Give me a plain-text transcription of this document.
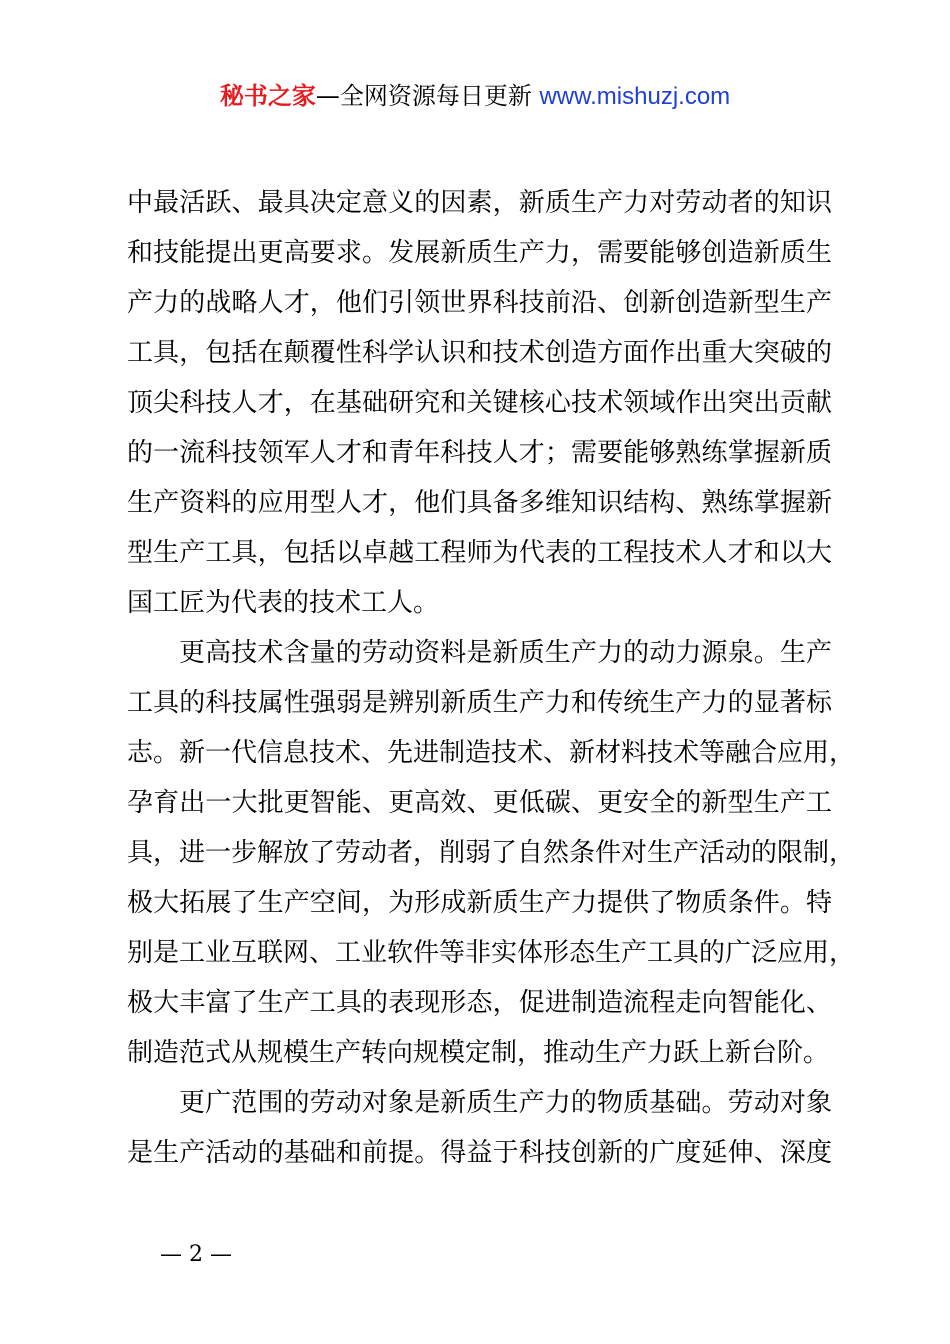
秘书之家—全网资源每日更新 www.mishuzj.com
中最活跃、最具决定意义的因素，新质生产力对劳动者的知识
和技能提出更高要求。发展新质生产力，需要能够创造新质生
产力的战略人才，他们引领世界科技前沿、创新创造新型生产
工具，包括在颠覆性科学认识和技术创造方面作出重大突破的
顶尖科技人才，在基础研究和关键核心技术领域作出突出贡献
的一流科技领军人才和青年科技人才；需要能够熟练掌握新质
生产资料的应用型人才，他们具备多维知识结构、熟练掌握新
型生产工具，包括以卓越工程师为代表的工程技术人才和以大
国工匠为代表的技术工人。
更高技术含量的劳动资料是新质生产力的动力源泉。生产
工具的科技属性强弱是辨别新质生产力和传统生产力的显著标
志。新一代信息技术、先进制造技术、新材料技术等融合应用，
孕育出一大批更智能、更高效、更低碳、更安全的新型生产工
具，进一步解放了劳动者，削弱了自然条件对生产活动的限制，
极大拓展了生产空间，为形成新质生产力提供了物质条件。特
别是工业互联网、工业软件等非实体形态生产工具的广泛应用，
极大丰富了生产工具的表现形态，促进制造流程走向智能化、
制造范式从规模生产转向规模定制，推动生产力跃上新台阶。
更广范围的劳动对象是新质生产力的物质基础。劳动对象
是生产活动的基础和前提。得益于科技创新的广度延伸、深度
— 2 —
